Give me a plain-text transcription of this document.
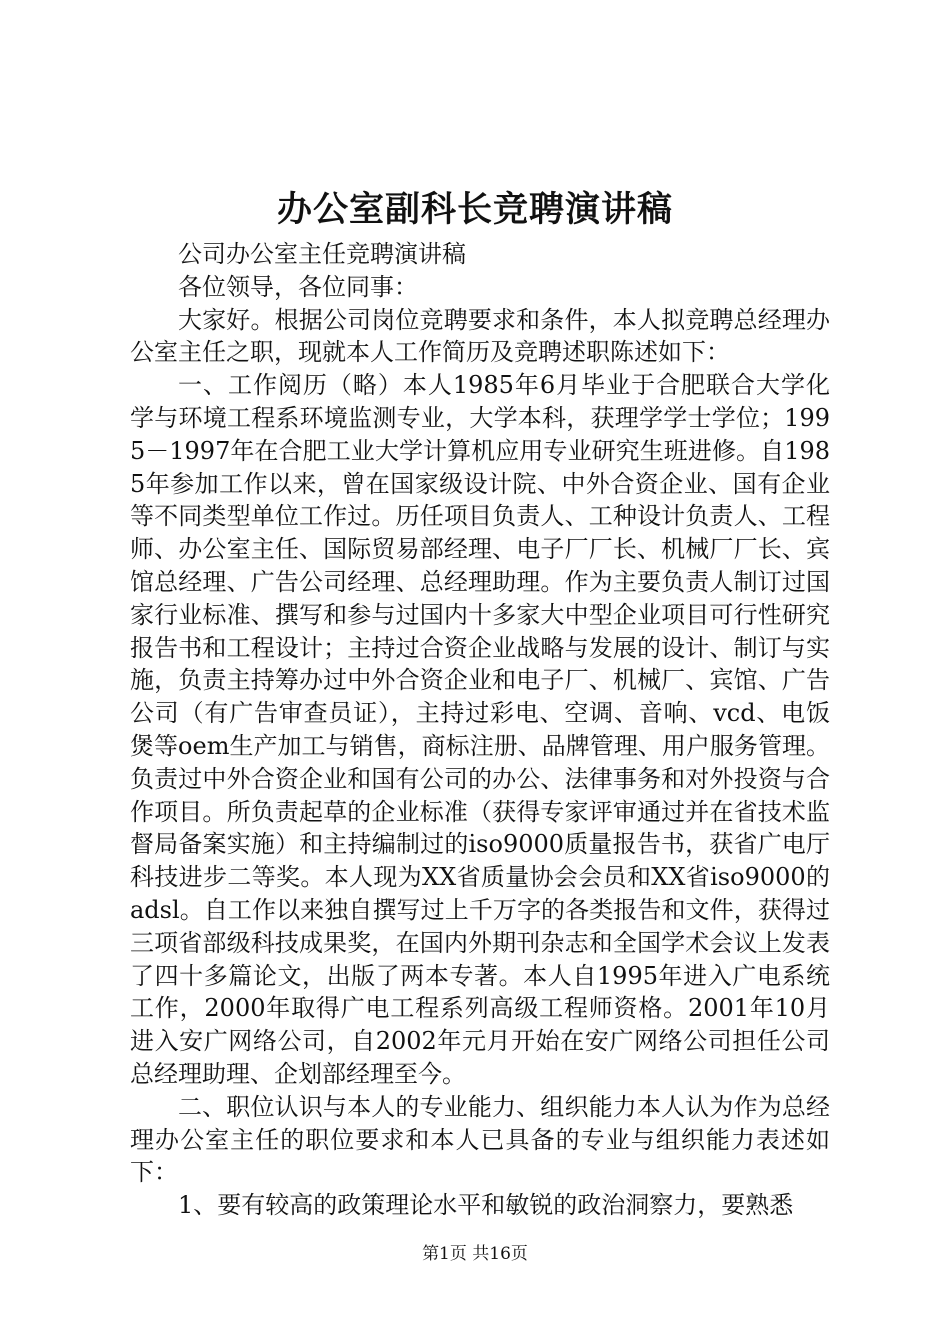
办公室副科长竞聘演讲稿

公司办公室主任竞聘演讲稿

各位领导，各位同事：

大家好。根据公司岗位竞聘要求和条件，本人拟竞聘总经理办公室主任之职，现就本人工作简历及竞聘述职陈述如下：

一、工作阅历（略）本人1985年6月毕业于合肥联合大学化学与环境工程系环境监测专业，大学本科，获理学学士学位；1995－1997年在合肥工业大学计算机应用专业研究生班进修。自1985年参加工作以来，曾在国家级设计院、中外合资企业、国有企业等不同类型单位工作过。历任项目负责人、工种设计负责人、工程师、办公室主任、国际贸易部经理、电子厂厂长、机械厂厂长、宾馆总经理、广告公司经理、总经理助理。作为主要负责人制订过国家行业标准、撰写和参与过国内十多家大中型企业项目可行性研究报告书和工程设计；主持过合资企业战略与发展的设计、制订与实施，负责主持筹办过中外合资企业和电子厂、机械厂、宾馆、广告公司（有广告审查员证），主持过彩电、空调、音响、vcd、电饭煲等oem生产加工与销售，商标注册、品牌管理、用户服务管理。负责过中外合资企业和国有公司的办公、法律事务和对外投资与合作项目。所负责起草的企业标准（获得专家评审通过并在省技术监督局备案实施）和主持编制过的iso9000质量报告书，获省广电厅科技进步二等奖。本人现为XX省质量协会会员和XX省iso9000的adsl。自工作以来独自撰写过上千万字的各类报告和文件，获得过三项省部级科技成果奖，在国内外期刊杂志和全国学术会议上发表了四十多篇论文，出版了两本专著。本人自1995年进入广电系统工作，2000年取得广电工程系列高级工程师资格。2001年10月进入安广网络公司，自2002年元月开始在安广网络公司担任公司总经理助理、企划部经理至今。

二、职位认识与本人的专业能力、组织能力本人认为作为总经理办公室主任的职位要求和本人已具备的专业与组织能力表述如下：

1、要有较高的政策理论水平和敏锐的政治洞察力，要熟悉

第1页 共16页
